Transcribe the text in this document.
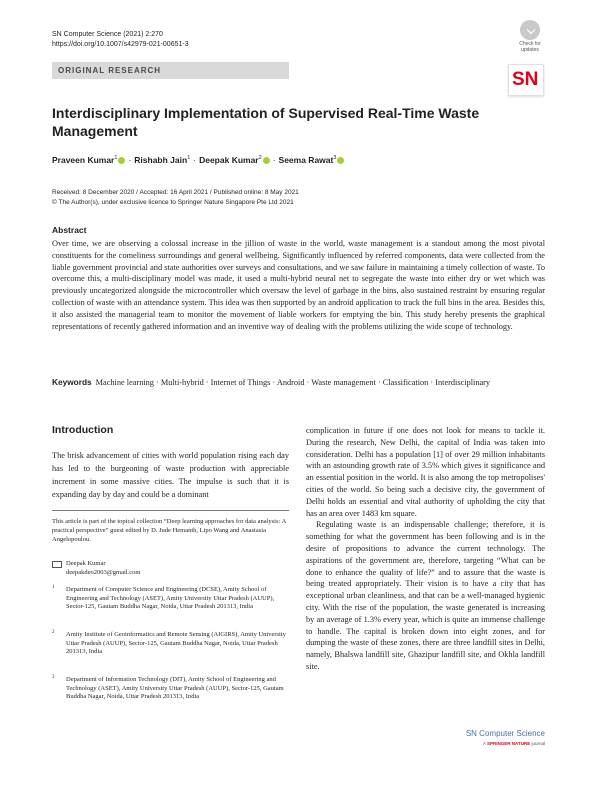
SN Computer Science (2021) 2:270
https://doi.org/10.1007/s42979-021-00651-3	Check for updates
ORIGINAL RESEARCH	SN
Interdisciplinary Implementation of Supervised Real-Time Waste Management
Praveen Kumar$^1$ · Rishabh Jain$^1$ · Deepak Kumar$^2$ · Seema Rawat$^3$
Received: 8 December 2020 / Accepted: 16 April 2021 / Published online: 8 May 2021
© The Author(s), under exclusive licence to Springer Nature Singapore Pte Ltd 2021
Abstract
Over time, we are observing a colossal increase in the jillion of waste in the world, waste management is a standout among the most pivotal constituents for the comeliness surroundings and general wellbeing. Significantly influenced by referred components, data were collected from the liable government provincial and state authorities over surveys and consultations, and we saw failure in maintaining a timely collection of waste. To overcome this, a multi-disciplinary model was made, it used a multi-hybrid neural net to segregate the waste into either dry or wet which was previously uncategorized alongside the microcontroller which oversaw the level of garbage in the bins, also sustained restraint by ensuring regular collection of waste with an attendance system. This idea was then supported by an android application to track the full bins in the area. Besides this, it also assisted the managerial team to monitor the movement of liable workers for emptying the bin. This study hereby presents the graphical representations of recently gathered information and an inventive way of dealing with the problems utilizing the wide scope of technology.
Keywords Machine learning · Multi-hybrid · Internet of Things · Android · Waste management · Classification · Interdisciplinary
Introduction
The brisk advancement of cities with world population rising each day has led to the burgeoning of waste production with appreciable increment in some massive cities. The impulse is such that it is expanding day by day and could be a dominant
This article is part of the topical collection “Deep learning approaches for data analysis: A practical perspective” guest edited by D. Jude Hemanth, Lipo Wang and Anastasia Angelopoulou.
Deepak Kumar
deepakdeo2003@gmail.com
1 Department of Computer Science and Engineering (DCSE), Amity School of Engineering and Technology (ASET), Amity University Uttar Pradesh (AUUP), Sector-125, Gautam Buddha Nagar, Noida, Uttar Pradesh 201313, India
2 Amity Institute of Geoinformatics and Remote Sensing (AIGIRS), Amity University Uttar Pradesh (AUUP), Sector-125, Gautam Buddha Nagar, Noida, Uttar Pradesh 201313, India
3 Department of Information Technology (DIT), Amity School of Engineering and Technology (ASET), Amity University Uttar Pradesh (AUUP), Sector-125, Gautam Buddha Nagar, Noida, Uttar Pradesh 201313, India

complication in future if one does not look for means to tackle it. During the research, New Delhi, the capital of India was taken into consideration. Delhi has a population [1] of over 29 million inhabitants with an astounding growth rate of 3.5% which gives it significance and an essential position in the world. It is also among the top metropolises' cities of the world. So being such a decisive city, the government of Delhi holds an essential and vital authority of upholding the city that has an area over 1483 km square.

Regulating waste is an indispensable challenge; therefore, it is something for what the government has been following and is in the desire of propositions to advance the current technology. The aspirations of the government are, therefore, targeting “What can be done to enhance the quality of life?” and to assure that the waste is being treated appropriately. Their vision is to have a city that has exceptional urban cleanliness, and that can be a well-managed hygienic city. With the rise of the population, the waste generated is increasing by an average of 1.3% every year, which is quite an immense challenge to handle. The capital is broken down into eight zones, and for dumping the waste of these zones, there are three landfill sites in Delhi, namely, Bhalswa landfill site, Ghazipur landfill site, and Okhla landfill site.

SN Computer Science
A SPRINGER NATURE journal
